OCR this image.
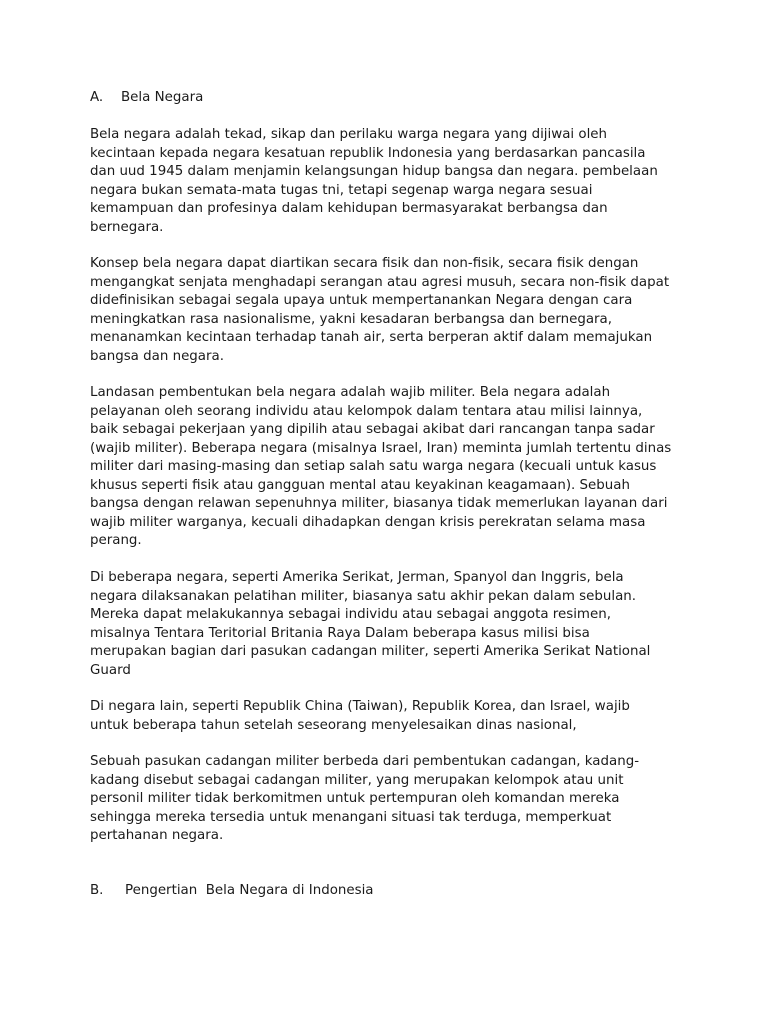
A. Bela Negara
Bela negara adalah tekad, sikap dan perilaku warga negara yang dijiwai oleh
kecintaan kepada negara kesatuan republik Indonesia yang berdasarkan pancasila
dan uud 1945 dalam menjamin kelangsungan hidup bangsa dan negara. pembelaan
negara bukan semata-mata tugas tni, tetapi segenap warga negara sesuai
kemampuan dan profesinya dalam kehidupan bermasyarakat berbangsa dan
bernegara.
Konsep bela negara dapat diartikan secara fisik dan non-fisik, secara fisik dengan
mengangkat senjata menghadapi serangan atau agresi musuh, secara non-fisik dapat
didefinisikan sebagai segala upaya untuk mempertanankan Negara dengan cara
meningkatkan rasa nasionalisme, yakni kesadaran berbangsa dan bernegara,
menanamkan kecintaan terhadap tanah air, serta berperan aktif dalam memajukan
bangsa dan negara.
Landasan pembentukan bela negara adalah wajib militer. Bela negara adalah
pelayanan oleh seorang individu atau kelompok dalam tentara atau milisi lainnya,
baik sebagai pekerjaan yang dipilih atau sebagai akibat dari rancangan tanpa sadar
(wajib militer). Beberapa negara (misalnya Israel, Iran) meminta jumlah tertentu dinas
militer dari masing-masing dan setiap salah satu warga negara (kecuali untuk kasus
khusus seperti fisik atau gangguan mental atau keyakinan keagamaan). Sebuah
bangsa dengan relawan sepenuhnya militer, biasanya tidak memerlukan layanan dari
wajib militer warganya, kecuali dihadapkan dengan krisis perekratan selama masa
perang.
Di beberapa negara, seperti Amerika Serikat, Jerman, Spanyol dan Inggris, bela
negara dilaksanakan pelatihan militer, biasanya satu akhir pekan dalam sebulan.
Mereka dapat melakukannya sebagai individu atau sebagai anggota resimen,
misalnya Tentara Teritorial Britania Raya Dalam beberapa kasus milisi bisa
merupakan bagian dari pasukan cadangan militer, seperti Amerika Serikat National
Guard
Di negara lain, seperti Republik China (Taiwan), Republik Korea, dan Israel, wajib
untuk beberapa tahun setelah seseorang menyelesaikan dinas nasional,
Sebuah pasukan cadangan militer berbeda dari pembentukan cadangan, kadang-
kadang disebut sebagai cadangan militer, yang merupakan kelompok atau unit
personil militer tidak berkomitmen untuk pertempuran oleh komandan mereka
sehingga mereka tersedia untuk menangani situasi tak terduga, memperkuat
pertahanan negara.
B. Pengertian  Bela Negara di Indonesia
